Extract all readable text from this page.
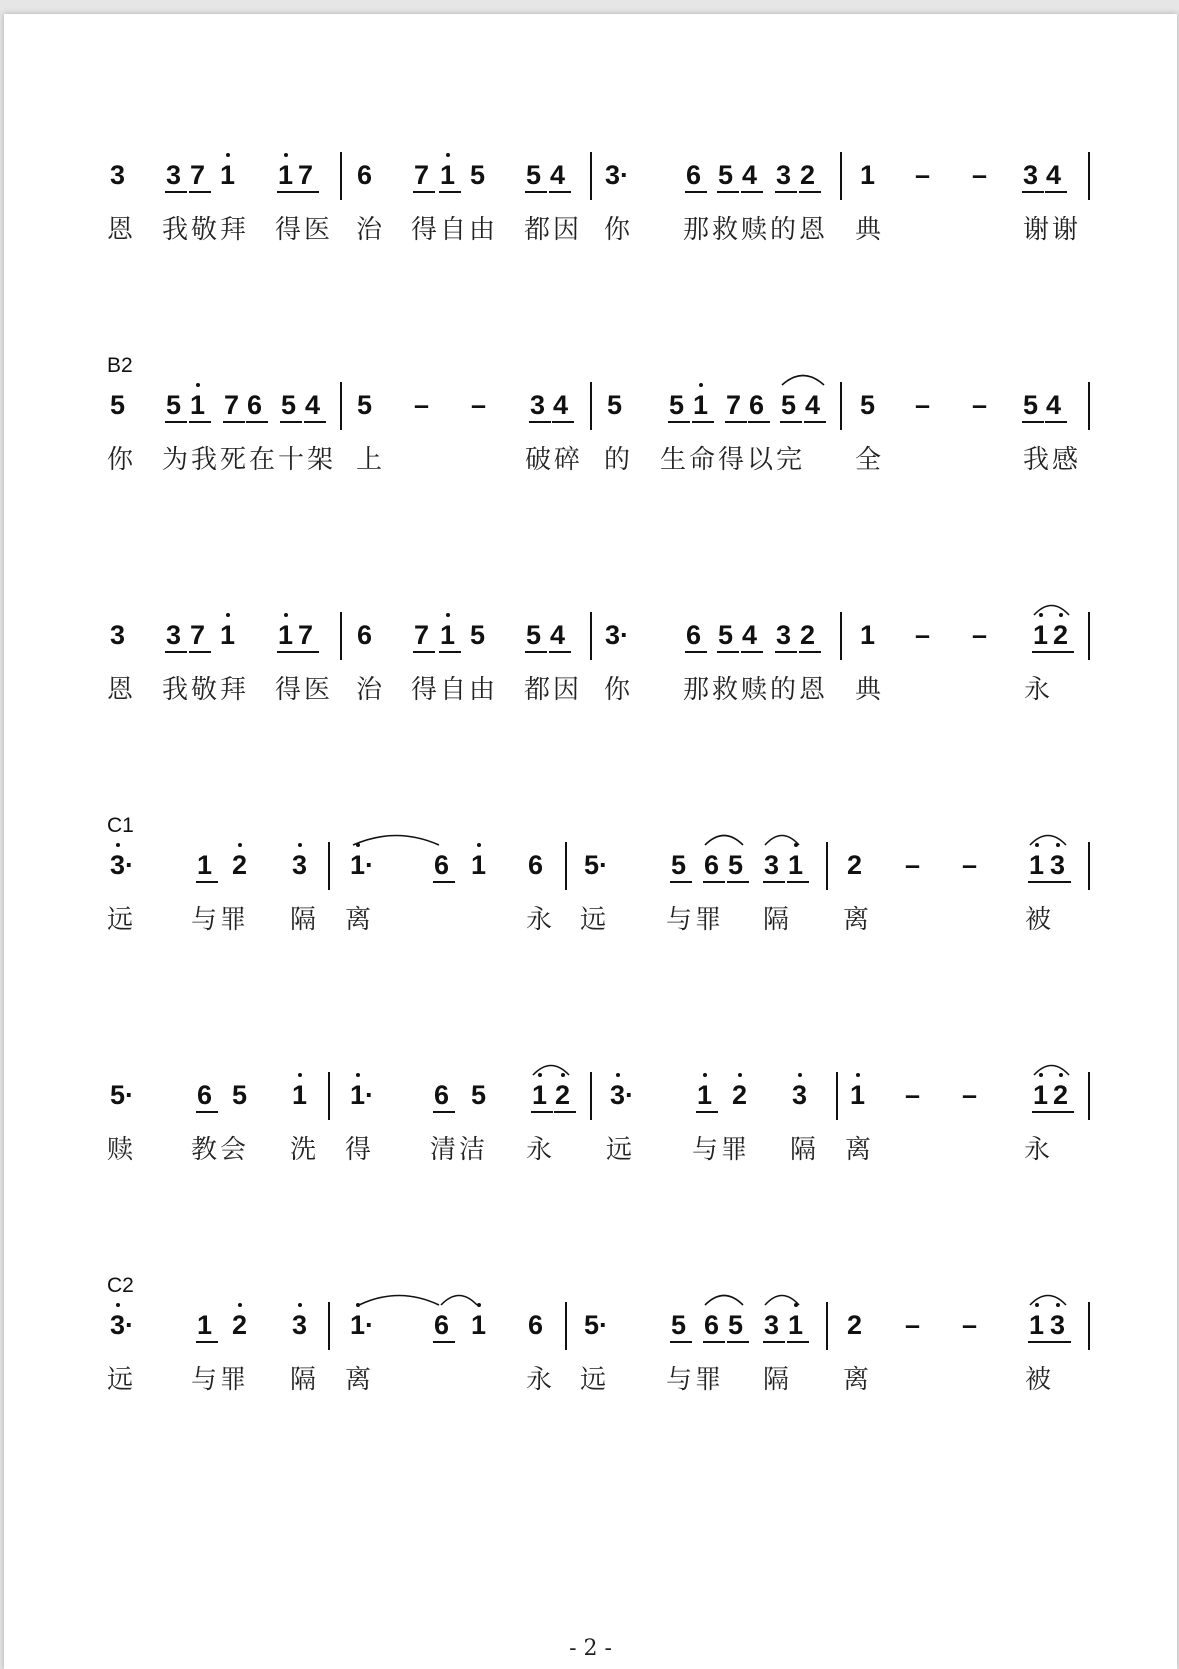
3 3 7 1 1 7 6 7 1 5 5 4 3· 6 5 4 3 2 1 – – 3 4
恩 我敬拜 得医 治 得自由 都因 你 那救赎的恩 典	谢谢
B2
5 5 1 7 6 5 4 5 – – 3 4 5 5 1 7 6 5 4 5 – – 5 4
你 为我死在十架 上	破碎 的 生命得以完 全	我感
3 3 7 1 1 7 6 7 1 5 5 4 3· 6 5 4 3 2 1 – – 1 2
恩 我敬拜 得医 治 得自由 都因 你 那救赎的恩 典	永
C1
3· 1 2 3 1· 6 1 6 5· 5 6 5 3 1 2 – – 1 3
远 与罪 隔 离	永 远 与罪 隔 离	被
5· 6 5 1 1· 6 5 1 2 3· 1 2 3 1 – – 1 2
赎 教会 洗 得 清洁 永 远 与罪 隔 离	永
C2
3· 1 2 3 1· 6 1 6 5· 5 6 5 3 1 2 – – 1 3
远 与罪 隔 离	永 远 与罪 隔 离	被
- 2 -
